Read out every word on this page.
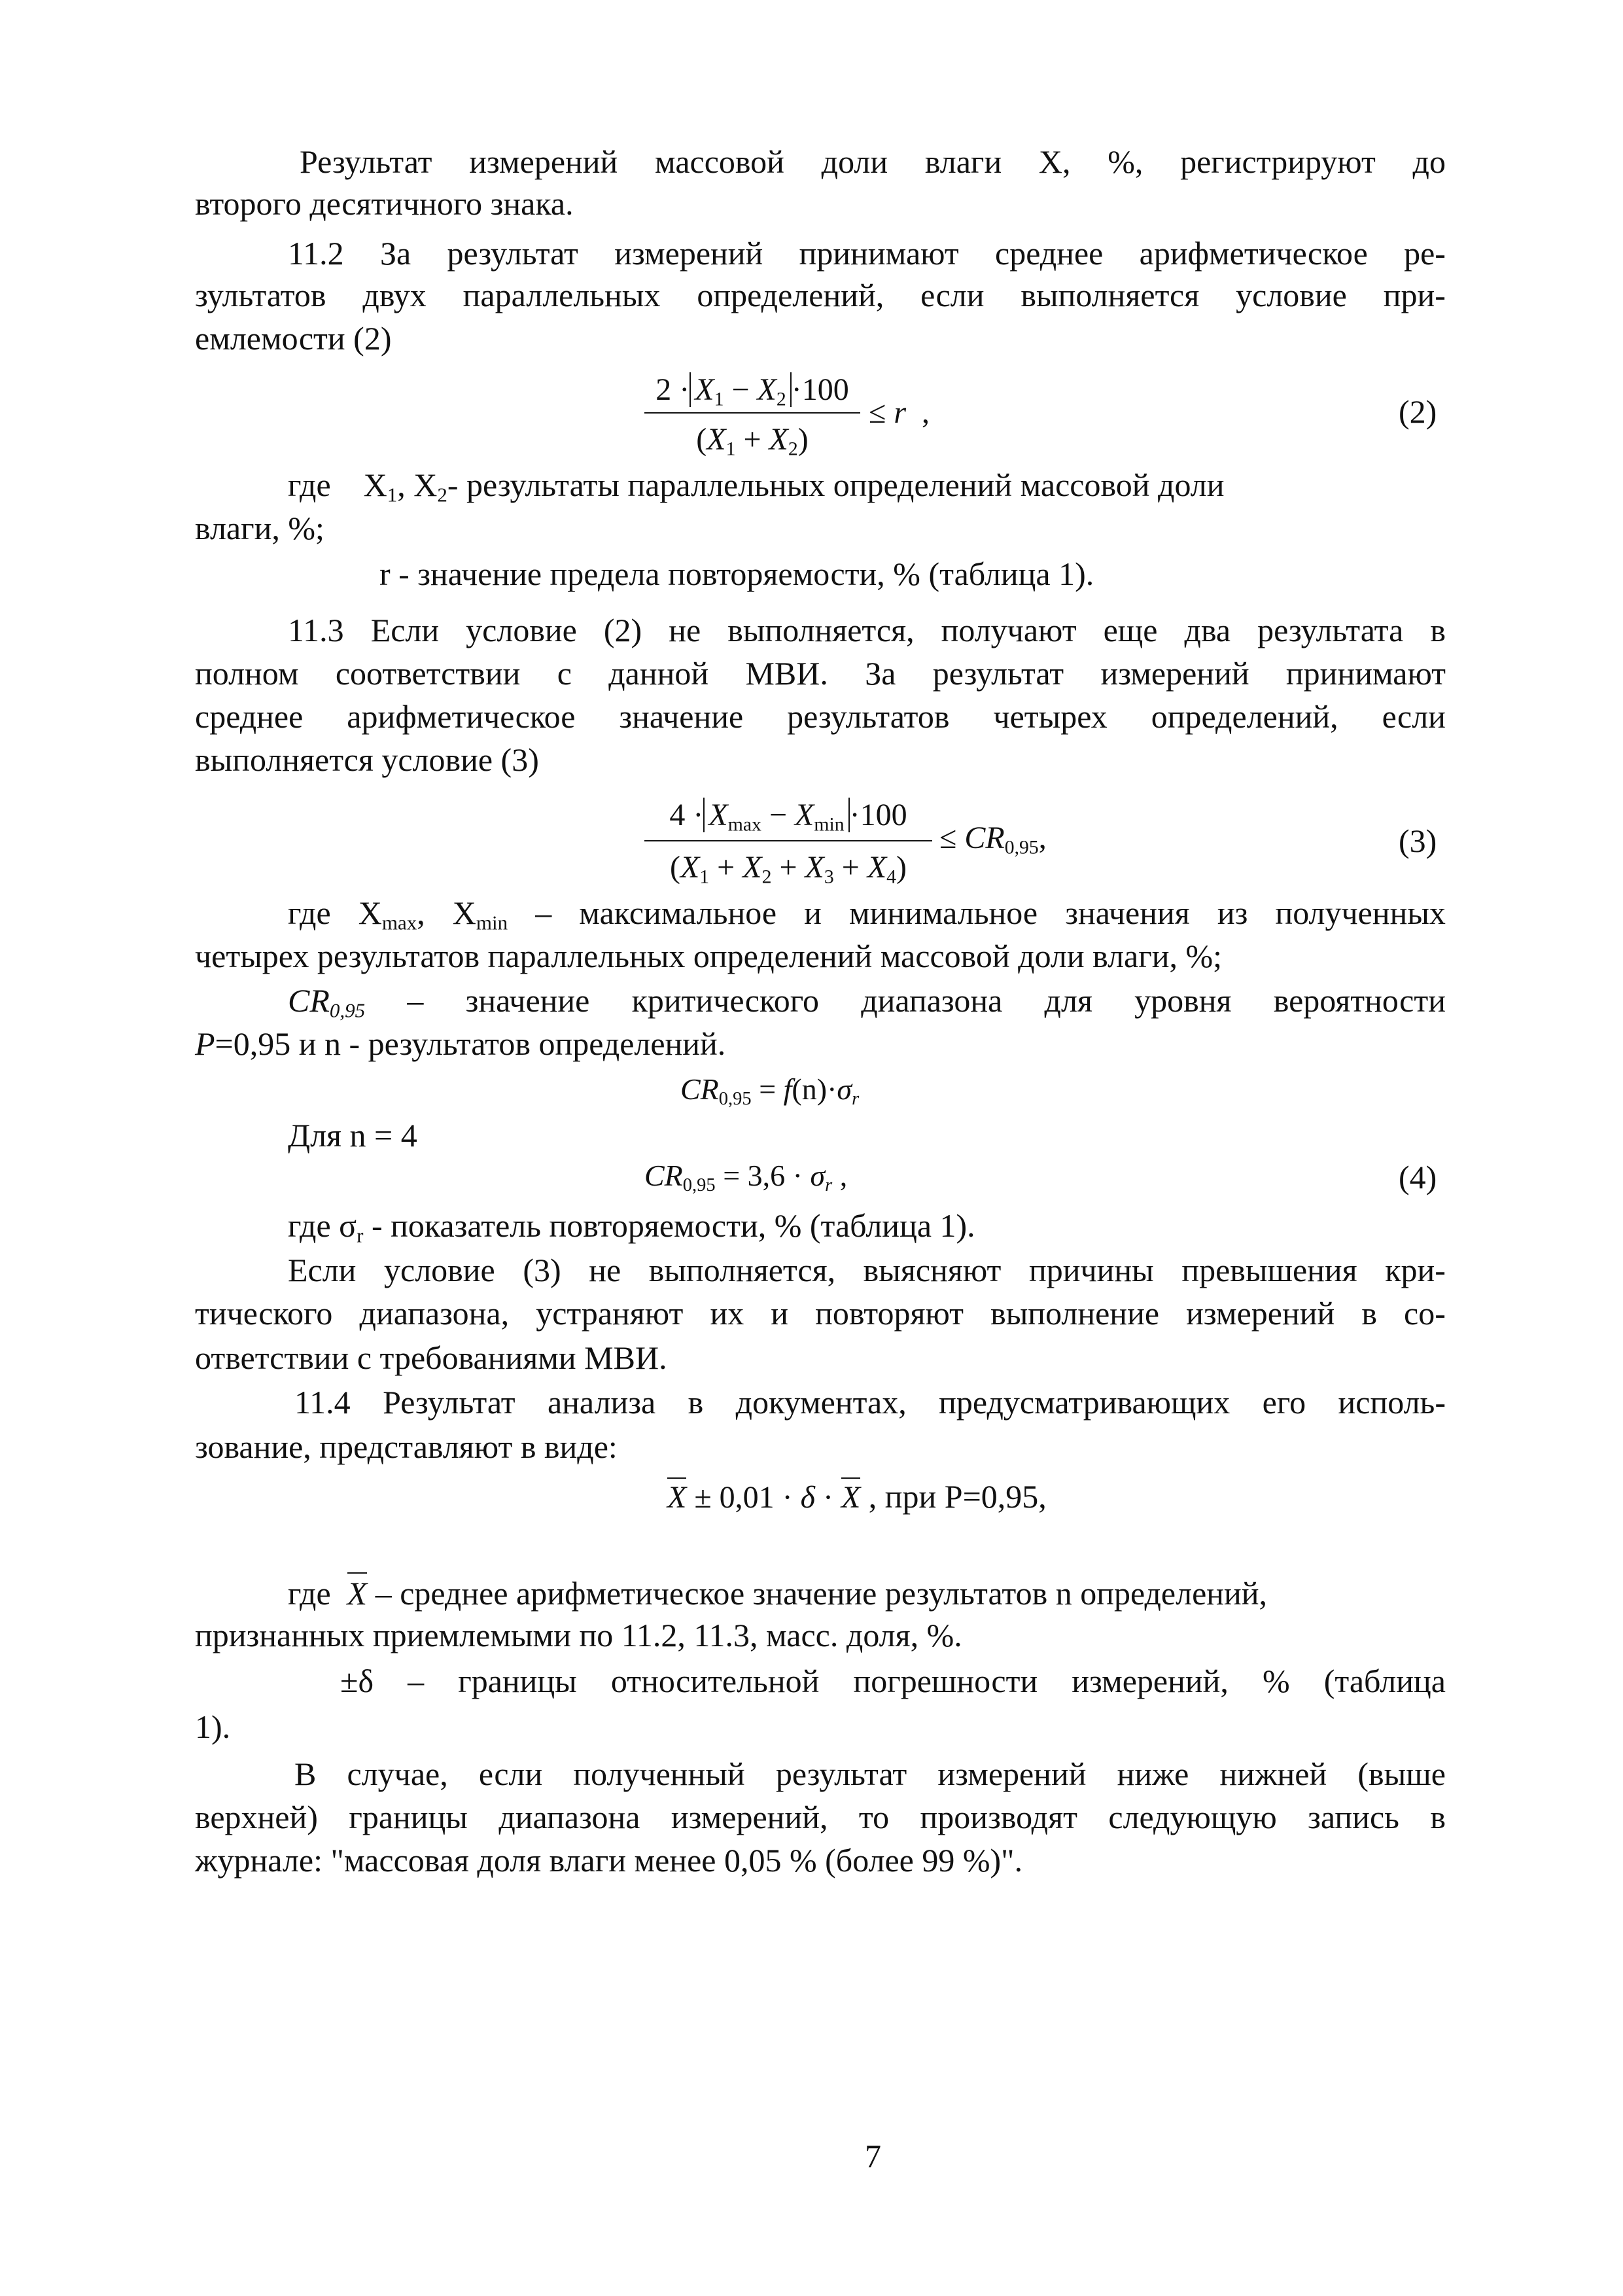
Результат измерений массовой доли влаги X, %, регистрируют до
второго десятичного знака.
11.2 За результат измерений принимают среднее арифметическое ре-
зультатов двух параллельных определений, если выполняется условие при-
емлемости (2)
2 · X1 − X2 ·100
(X1 + X2)
≤ r ,	(2)
где $X_1$, $X_2-$ результаты параллельных определений массовой доли
влаги, %;
r - значение предела повторяемости, % (таблица 1).
11.3 Если условие (2) не выполняется, получают еще два результата в
полном соответствии с данной МВИ. За результат измерений принимают
среднее арифметическое значение результатов четырех определений, если
выполняется условие (3)
4 · Xmax − Xmin ·100
(X1 + X2 + X3 + X4)
≤ CR0,95,	(3)
где $X_{max}$, $X_{min}$ – максимальное и минимальное значения из полученных
четырех результатов параллельных определений массовой доли влаги, %;
$CR_{0,95}$ – значение критического диапазона для уровня вероятности
P=0,95 и n - результатов определений.
CR0,95 = f(n)·σr
Для n = 4
CR0,95 = 3,6 · σr ,	(4)
где $\sigma_r$ - показатель повторяемости, % (таблица 1).
Если условие (3) не выполняется, выясняют причины превышения кри-
тического диапазона, устраняют их и повторяют выполнение измерений в со-
ответствии с требованиями МВИ.
11.4 Результат анализа в документах, предусматривающих его исполь-
зование, представляют в виде:
X ± 0,01 · δ · X , при P=0,95,
где X – среднее арифметическое значение результатов n определений,
признанных приемлемыми по 11.2, 11.3, масс. доля, %.
±δ – границы относительной погрешности измерений, % (таблица
1).
В случае, если полученный результат измерений ниже нижней (выше
верхней) границы диапазона измерений, то производят следующую запись в
журнале: "массовая доля влаги менее 0,05 % (более 99 %)".
7
